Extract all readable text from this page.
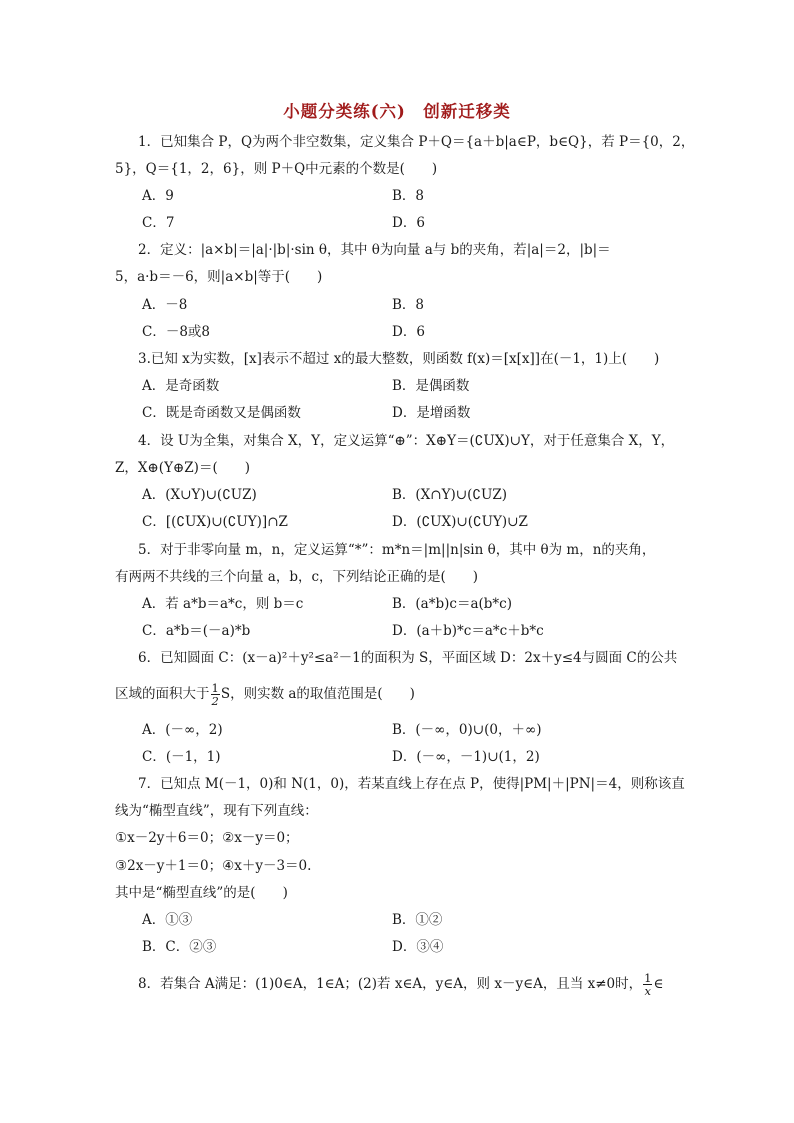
小题分类练(六)　创新迁移类
1．已知集合 P，Q为两个非空数集，定义集合 P＋Q＝{a＋b|a∈P，b∈Q}，若 P＝{0，2，
5}，Q＝{1，2，6}，则 P＋Q中元素的个数是(　　)
A．9	B．8
C．7	D．6
2．定义：|a×b|＝|a|·|b|·sin θ，其中 θ为向量 a与 b的夹角，若|a|＝2，|b|＝
5，a·b＝－6，则|a×b|等于(　　)
A．－8	B．8
C．－8或8	D．6
3.已知 x为实数，[x]表示不超过 x的最大整数，则函数 f(x)＝[x[x]]在(－1，1)上(　　)
A．是奇函数	B．是偶函数
C．既是奇函数又是偶函数	D．是增函数
4．设 U为全集，对集合 X，Y，定义运算“⊕”：X⊕Y＝(∁UX)∪Y，对于任意集合 X，Y，
Z，X⊕(Y⊕Z)＝(　　)
A．(X∪Y)∪(∁UZ)	B．(X∩Y)∪(∁UZ)
C．[(∁UX)∪(∁UY)]∩Z	D．(∁UX)∪(∁UY)∪Z
5．对于非零向量 m，n，定义运算“*”：m*n＝|m||n|sin θ，其中 θ为 m，n的夹角，
有两两不共线的三个向量 a，b，c，下列结论正确的是(　　)
A．若 a*b＝a*c，则 b＝c	B．(a*b)c＝a(b*c)
C．a*b＝(－a)*b	D．(a＋b)*c＝a*c＋b*c
6．已知圆面 C：(x－a)²＋y²≤a²－1的面积为 S，平面区域 D：2x＋y≤4与圆面 C的公共
区域的面积大于 $\frac{1}{2}$ S，则实数 a的取值范围是(　　)
A．(－∞，2)	B．(－∞，0)∪(0，＋∞)
C．(－1，1)	D．(－∞，－1)∪(1，2)
7．已知点 M(－1，0)和 N(1，0)，若某直线上存在点 P，使得|PM|＋|PN|＝4，则称该直
线为“椭型直线”，现有下列直线：
①x－2y＋6＝0；②x－y＝0；
③2x－y＋1＝0；④x＋y－3＝0.
其中是“椭型直线”的是(　　)
A．①③	B．①②
B．C．②③	D．③④
8．若集合 A满足：(1)0∈A，1∈A；(2)若 x∈A，y∈A，则 x－y∈A，且当 x≠0时， $\frac{1}{x}$ ∈
